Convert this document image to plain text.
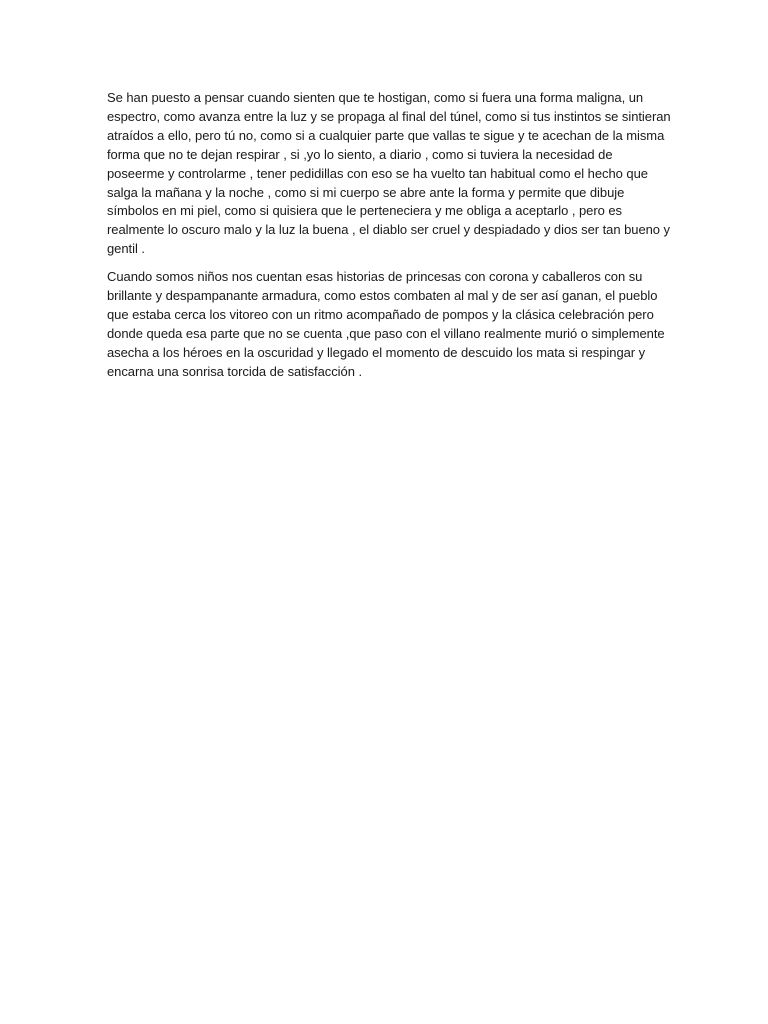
Se han puesto a pensar cuando sienten que te hostigan, como si fuera una forma maligna, un
espectro, como avanza entre la luz y se propaga al final del túnel, como si tus instintos se sintieran
atraídos a ello, pero tú no, como si a cualquier parte que vallas te sigue y te acechan de la misma
forma que no te dejan respirar , si ,yo lo siento, a diario , como si tuviera la necesidad de
poseerme y controlarme , tener pedidillas con eso se ha vuelto tan habitual como el hecho que
salga la mañana y la noche , como si mi cuerpo se abre ante la forma y permite que dibuje
símbolos en mi piel, como si quisiera que le perteneciera y me obliga a aceptarlo , pero es
realmente lo oscuro malo y la luz la buena , el diablo ser cruel y despiadado y dios ser tan bueno y
gentil .

Cuando somos niños nos cuentan esas historias de princesas con corona y caballeros con su
brillante y despampanante armadura, como estos combaten al mal y de ser así ganan, el pueblo
que estaba cerca los vitoreo con un ritmo acompañado de pompos y la clásica celebración pero
donde queda esa parte que no se cuenta ,que paso con el villano realmente murió o simplemente
asecha a los héroes en la oscuridad y llegado el momento de descuido los mata si respingar y
encarna una sonrisa torcida de satisfacción .
